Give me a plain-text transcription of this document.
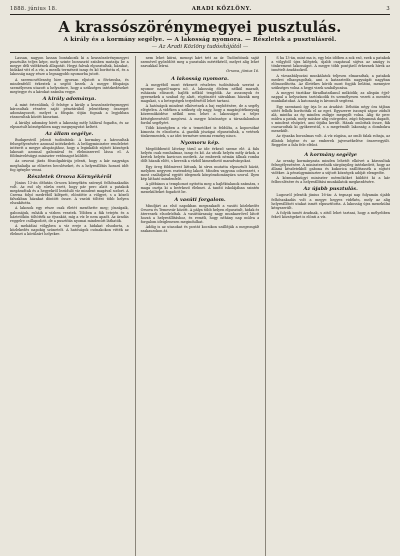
1888. június 18.	ARADI KÖZLÖNY.	3
A krassószörénymegyei pusztulás.
A király és a kormány segélye. — A lakosság nyomora. — Részletek a pusztulásról.
— Az Aradi Közlöny tudósítójától —

Lassan, nagyon lassan bontakozik ki a krassószörénymegyei pusztulás teljes képe, mely szinte borzasztó színben mutatja be a megye déli vidékének állapotát. Hegyi falvak elpusztultak, házakat, hidakat vitt el a víz, a mezők terméseit iszap és kő borította el, és a lakosság nagy része a legnagyobb nyomorba jutott.

A szerencsétlenség hire gyorsan eljutott a fővárosba, és mindenfelől érkeztek a segítő kezek. A megye főispánja személyesen utazott a helyszínre, hogy a szükséges intézkedéseket megtegye és a károkat számba vegye.

A király adománya.

A mint értesülünk, Ő felsége a király a krassószörénymegyei károsultak részére saját pénztárából jelentékeny összeget adományozott, melyet a főispán útján fognak a legjobban rászorultak között kiosztani.

A királyi adomány hírét a lakosság mély hálával fogadta, és az elpusztult községekben nagy megnyugvást keltett.

Az állam segélye.

Budapestről jelenti tudósítónk: A kormány a károsultak felsegélyezésére azonnal intézkedett. A belügyminiszter rendeletet intézett a megye alispánjához, hogy a leginkább sújtott községek lakosait azonnal gabonával és élelmiszerrel lássa el. A földmivelésügyi miniszter vetőmagot küldött.

Az orsovai járás főszolgabírája jelenti, hogy a kár nagysága meghaladja az előzetes becsléseket, és a helyreállítás hosszú időt fog igénybe venni.

Részletek Orsova Környékéről

Június 13-án délután Orsova környékén szörnyű felhőszakadás volt. Az eső oly sűrűn esett, hogy pár perc alatt a patakok megáradtak és a hegyekről lezúduló víz mindent magával sodort. A Cserna folyó medréből kilépett, elöntötte a völgyet, s a közeli falvakban házakat döntött össze. A vasúti töltést több helyen elszakította.

A lakosok egy része csak életét menthette meg; jószágaik, gabonájuk, ruháik a vízben vesztek. Többen a fák tetején és a háztetőkön töltötték az éjszakát, míg a víz le nem apadt. Az áradás reggelre csillapodott, de a pusztítás nyomai mindenütt láthatók.

A mehádiai völgyben a víz ereje a hidakat elsodorta, a közlekedés napokig szünetelt. A hatóságok csónakokon vitték az élelmet a körülzárt helyekre.

nem lehet kiírni, mennyi kárt tett az ár. Tudósítóunk saját szemével győződött meg a pusztulás mértékéről, melyet alig lehet szavakkal leírni.

Orsova, június 16.
A lakosság nyomora.

A megyéből most érkezett részletes tudósítások szerint a nyomor napról-napra nő. A lakosság élelem nélkül maradt, ruházata elúszott, hajlék nélkül tengődik. Az asszonyok és gyermekek a szabad ég alatt, rögtönzött sátrakban húzzák meg magukat, s a betegségek terjedésétől lehet tartani.

A hatóságok mindent elkövetnek a baj enyhítésére, de a segély elégtelen. A vidéken a szükség oly nagy, hogy a magánjótékonyság közreműködése nélkül nem lehet a lakosságot a teljes kétségbeeséstől megóvni. A megye közönsége a társadalomhoz fordul segélyért.

Több községben a víz a temetőket is feldúlta, a koporsókat kimosta és elsodorta. A gazdák jószágai elpusztultak, a vetések tönkrementek, s az idei termésre semmi remény nincs.

Nyomoru kép.

Megdöbbentő látvány tárul az ide érkező szeme elé. A falu helyén csak romhalmaz, iszap és kő. Az utcák helyén mély árkok, a kertek helyén kavicsos medrek. Az emberek némán állnak romba dőlt házaik előtt, s keresik a vízből kimenthető maradványokat.

Egy öreg földmivest láttunk, ki sírva mutatta elpusztult házát, melyben negyven esztendeig lakott. Minden vagyona odaveszett, s most családjával együtt idegenek könyöradományára szorul. Ilyen kép látható mindenfelé.

A plébános a templomot nyitotta meg a hajléktalanok számára, s maga osztja ki a beérkező élelmet. A tanító iskolájában szintén menekülteket fogadott be.

A vasúti forgalom.

Mindjárt az első napokban megszakadt a vasúti közlekedés Orsova és Temesvár között. A pálya több helyen elpusztult, hidak és átereszek elsodródtak. A vasúttársaság nagy munkaerővel látott hozzá a helyreállításhoz, és reméli, hogy néhány nap múlva a forgalom ideiglenesen megindulhat.

Addig is az utasokat és postát kocsikon szállítják a megrongált szakaszokon át.

S ha 13-án, mint ma is, egy bús időben a sok eső, ezek a patakok a völgyből újra kiléptek, újabb csapással sújtva az amúgy is tönkrement lakosságot. A megye több pontjáról érkeznek hírek az ismételt áradásokról.

A vízszabályozási munkálatok teljesen elmaradtak, a patakok medrei elhanyagoltak, ami a katasztrófa nagyságát nagyban előmozdította. Az illetékes körök most fogják belátni, mennyire szükséges volna a hegyi vizek szabályozása.

A megyei tisztikar fáradhatatlanul működik; az alispán éjjel-nappal a helyszínen tartózkodik és személyesen vezeti a mentési munkálatokat. A katonaság is kivonult segíteni.

Egy szemtanú így írja le az áradást: Délután négy óra tájban sötét felhők borították el az eget. Egyszerre iszonyú zápor zúdult alá, mintha az ég minden zsilipje megnyílt volna. Alig tíz perc múlva a patak, mely máskor alig csörgedez, zúgó folyammá dagadt, s mindent elsöpört, ami útjába került. Házak omlottak össze, fák csavarodtak ki gyökerestül, s a megrémült lakosság a dombokra menekült.

Az éjszaka borzalmas volt. A víz zúgása, az omló falak robaja, az állatok bőgése és az emberek jajveszékelése összevegyült. Reggelre a falu fele eltűnt.

A kormány segélye

Az ország kormányzata minden lehetőt elkövet a károsultak felsegélyezésére. A miniszterelnök sürgönyileg intézkedett, hogy az állami készletekből gabona és kukorica szállíttassék a sújtott vidékre. A pénzügyminiszter a sújtott községek adóját elengedte.

A közmunkaügyi miniszter mérnököket küldött ki a kár felbecslésére és a helyreállítási munkálatok megkezdésére.

Az újabb pusztulás.

Lugosról jelentik június 16-án: A tegnapi nap folyamán újabb felhőszakadás volt a megye hegyes vidékén, mely az alig helyreállított utakat ismét elpusztította. A lakosság újra menekülni kényszerült.

A folyók ismét áradnak, s attól lehet tartani, hogy a mélyebben fekvő községeket is elönti a víz.
